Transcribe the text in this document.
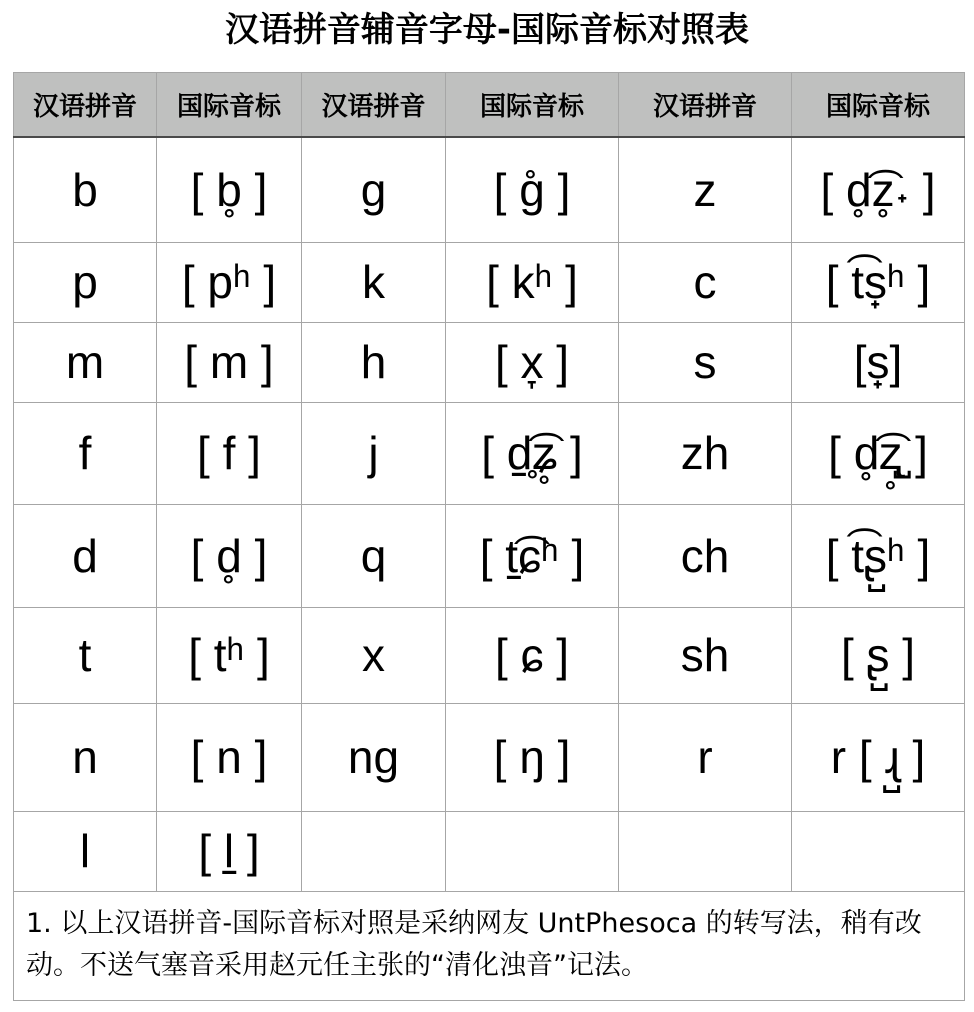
汉语拼音辅音字母-国际音标对照表
汉语拼音	国际音标	汉语拼音	国际音标	汉语拼音	国际音标
b	[ b̥ ]	g	[ g̊ ]	z	[ d̥͡z̥˖ ]
p	[ pʰ ]	k	[ kʰ ]	c	[ t͡s̟ʰ ]
m	[ m ]	h	[ x̞ ]	s	[s̟]
f	[ f ]	j	[ d̠̥͡ʑ̥ ]	zh	[ d̥͡ʐ̥̺ ]
d	[ d̥ ]	q	[ t̠͡ɕʰ ]	ch	[ t͡ʂ̺ʰ ]
t	[ tʰ ]	x	[ ɕ ]	sh	[ ʂ̺ ]
n	[ n ]	ng	[ ŋ ]	r	r [ ɻ̺ ]
l	[ l̠ ]				
1. 以上汉语拼音-国际音标对照是采纳网友 UntPhesoca 的转写法，稍有改动。不送气塞音采用赵元任主张的“清化浊音”记法。					
